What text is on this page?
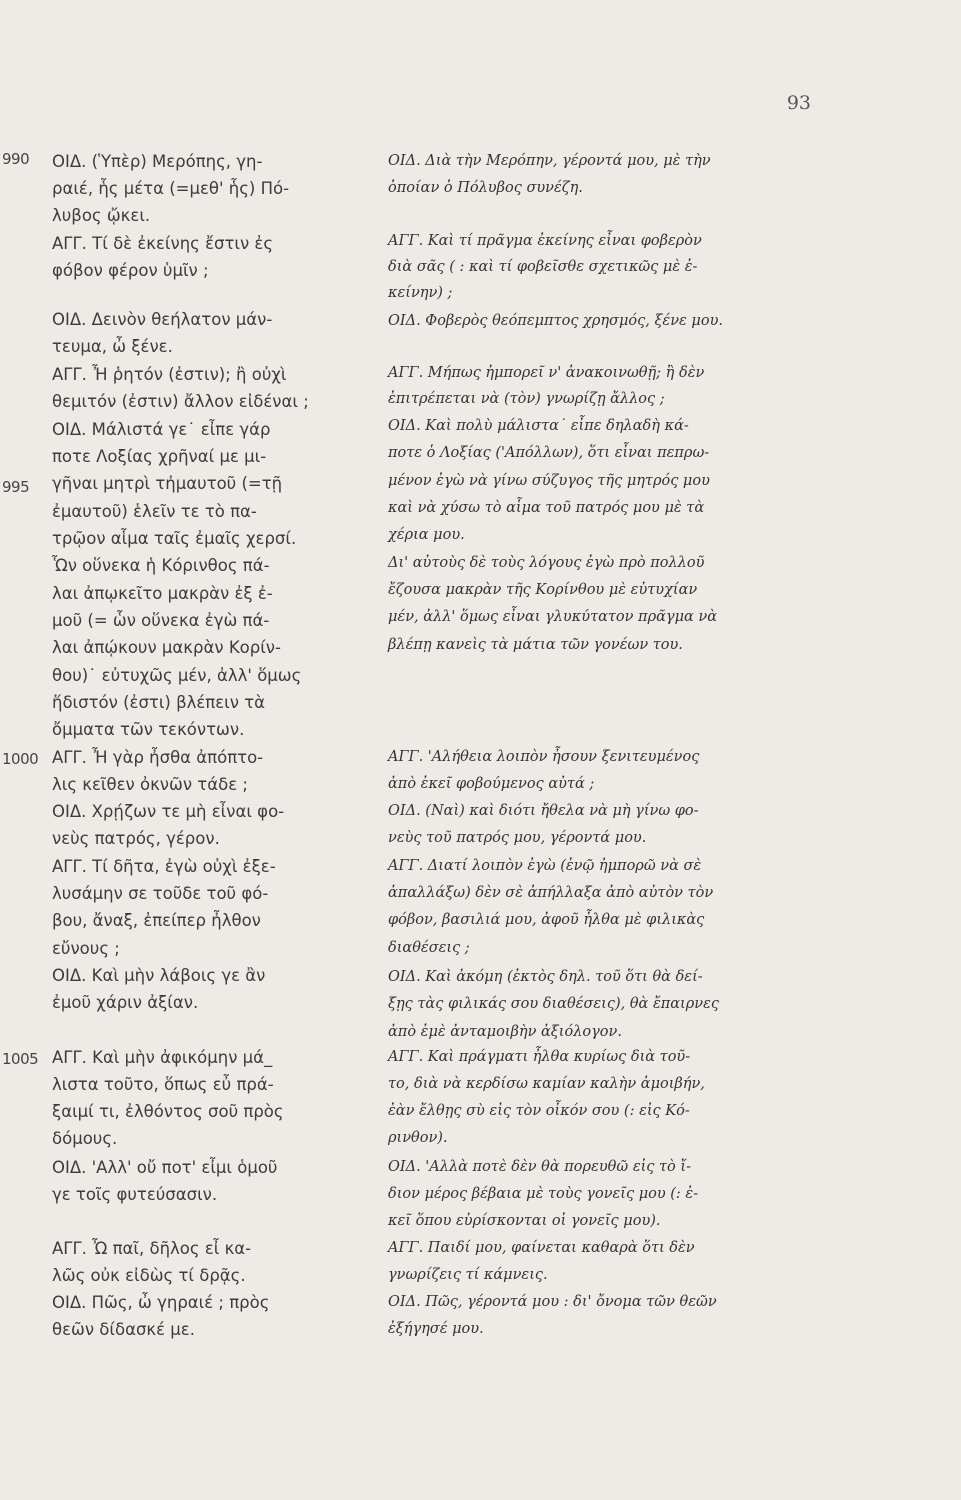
93
990
995
1000
1005
ΟΙΔ. (Ὑπὲρ) Μερόπης, γη-
ραιέ, ἧς μέτα (=μεθ' ἧς) Πό-
λυβος ᾤκει.
ΑΓΓ. Τί δὲ ἐκείνης ἔστιν ἐς
φόβον φέρον ὑμῖν ;
ΟΙΔ. Δεινὸν θεήλατον μάν-
τευμα, ὦ ξένε.
ΑΓΓ. Ἦ ῥητόν (ἐστιν); ἢ οὐχὶ
θεμιτόν (ἐστιν) ἄλλον εἰδέναι ;
ΟΙΔ. Μάλιστά γε˙ εἶπε γάρ
ποτε Λοξίας χρῆναί με μι-
γῆναι μητρὶ τἠμαυτοῦ (=τῇ
ἐμαυτοῦ) ἑλεῖν τε τὸ πα-
τρῷον αἷμα ταῖς ἐμαῖς χερσί.
Ὧν οὕνεκα ἡ Κόρινθος πά-
λαι ἀπῳκεῖτο μακρὰν ἐξ ἐ-
μοῦ (= ὧν οὕνεκα ἐγὼ πά-
λαι ἀπῴκουν μακρὰν Κορίν-
θου)˙ εὐτυχῶς μέν, ἀλλ' ὅμως
ἥδιστόν (ἐστι) βλέπειν τὰ
ὄμματα τῶν τεκόντων.
ΑΓΓ. Ἦ γὰρ ἦσθα ἀπόπτο-
λις κεῖθεν ὀκνῶν τάδε ;
ΟΙΔ. Χρῄζων τε μὴ εἶναι φο-
νεὺς πατρός, γέρον.
ΑΓΓ. Τί δῆτα, ἐγὼ οὐχὶ ἐξε-
λυσάμην σε τοῦδε τοῦ φό-
βου, ἄναξ, ἐπείπερ ἦλθον
εὔνους ;
ΟΙΔ. Καὶ μὴν λάβοις γε ἂν
ἐμοῦ χάριν ἀξίαν.
ΑΓΓ. Καὶ μὴν ἀφικόμην μά_
λιστα τοῦτο, ὅπως εὖ πρά-
ξαιμί τι, ἐλθόντος σοῦ πρὸς
δόμους.
ΟΙΔ. 'Αλλ' οὔ ποτ' εἶμι ὁμοῦ
γε τοῖς φυτεύσασιν.
ΑΓΓ. Ὦ παῖ, δῆλος εἶ κα-
λῶς οὐκ εἰδὼς τί δρᾷς.
ΟΙΔ. Πῶς, ὦ γηραιέ ; πρὸς
θεῶν δίδασκέ με.
ΟΙΔ. Διὰ τὴν Μερόπην, γέροντά μου, μὲ τὴν
ὁποίαν ὁ Πόλυβος συνέζη.
ΑΓΓ. Καὶ τί πρᾶγμα ἐκείνης εἶναι φοβερὸν
διὰ σᾶς ( : καὶ τί φοβεῖσθε σχετικῶς μὲ ἐ-
κείνην) ;
ΟΙΔ. Φοβερὸς θεόπεμπτος χρησμός, ξένε μου.
ΑΓΓ. Μήπως ἠμπορεῖ ν' ἀνακοινωθῇ; ἢ δὲν
ἐπιτρέπεται νὰ (τὸν) γνωρίζῃ ἄλλος ;
ΟΙΔ. Καὶ πολὺ μάλιστα˙ εἶπε δηλαδὴ κά-
ποτε ὁ Λοξίας ('Απόλλων), ὅτι εἶναι πεπρω-
μένον ἐγὼ νὰ γίνω σύζυγος τῆς μητρός μου
καὶ νὰ χύσω τὸ αἷμα τοῦ πατρός μου μὲ τὰ
χέρια μου.
Δι' αὐτοὺς δὲ τοὺς λόγους ἐγὼ πρὸ πολλοῦ
ἔζουσα μακρὰν τῆς Κορίνθου μὲ εὐτυχίαν
μέν, ἀλλ' ὅμως εἶναι γλυκύτατον πρᾶγμα νὰ
βλέπῃ κανεὶς τὰ μάτια τῶν γονέων του.
ΑΓΓ. 'Αλήθεια λοιπὸν ἦσουν ξενιτευμένος
ἀπὸ ἐκεῖ φοβούμενος αὐτά ;
ΟΙΔ. (Ναὶ) καὶ διότι ἤθελα νὰ μὴ γίνω φο-
νεὺς τοῦ πατρός μου, γέροντά μου.
ΑΓΓ. Διατί λοιπὸν ἐγὼ (ἐνῷ ἠμπορῶ νὰ σὲ
ἀπαλλάξω) δὲν σὲ ἀπήλλαξα ἀπὸ αὐτὸν τὸν
φόβον, βασιλιά μου, ἀφοῦ ἦλθα μὲ φιλικὰς
διαθέσεις ;
ΟΙΔ. Καὶ ἀκόμη (ἐκτὸς δηλ. τοῦ ὅτι θὰ δεί-
ξῃς τὰς φιλικάς σου διαθέσεις), θὰ ἔπαιρνες
ἀπὸ ἐμὲ ἀνταμοιβὴν ἀξιόλογον.
ΑΓΓ. Καὶ πράγματι ἦλθα κυρίως διὰ τοῦ-
το, διὰ νὰ κερδίσω καμίαν καλὴν ἀμοιβήν,
ἐὰν ἔλθῃς σὺ εἰς τὸν οἶκόν σου (: εἰς Κό-
ρινθον).
ΟΙΔ. 'Αλλὰ ποτὲ δὲν θὰ πορευθῶ εἰς τὸ ἴ-
διον μέρος βέβαια μὲ τοὺς γονεῖς μου (: ἐ-
κεῖ ὅπου εὑρίσκονται οἱ γονεῖς μου).
ΑΓΓ. Παιδί μου, φαίνεται καθαρὰ ὅτι δὲν
γνωρίζεις τί κάμνεις.
ΟΙΔ. Πῶς, γέροντά μου : δι' ὄνομα τῶν θεῶν
ἐξήγησέ μου.
